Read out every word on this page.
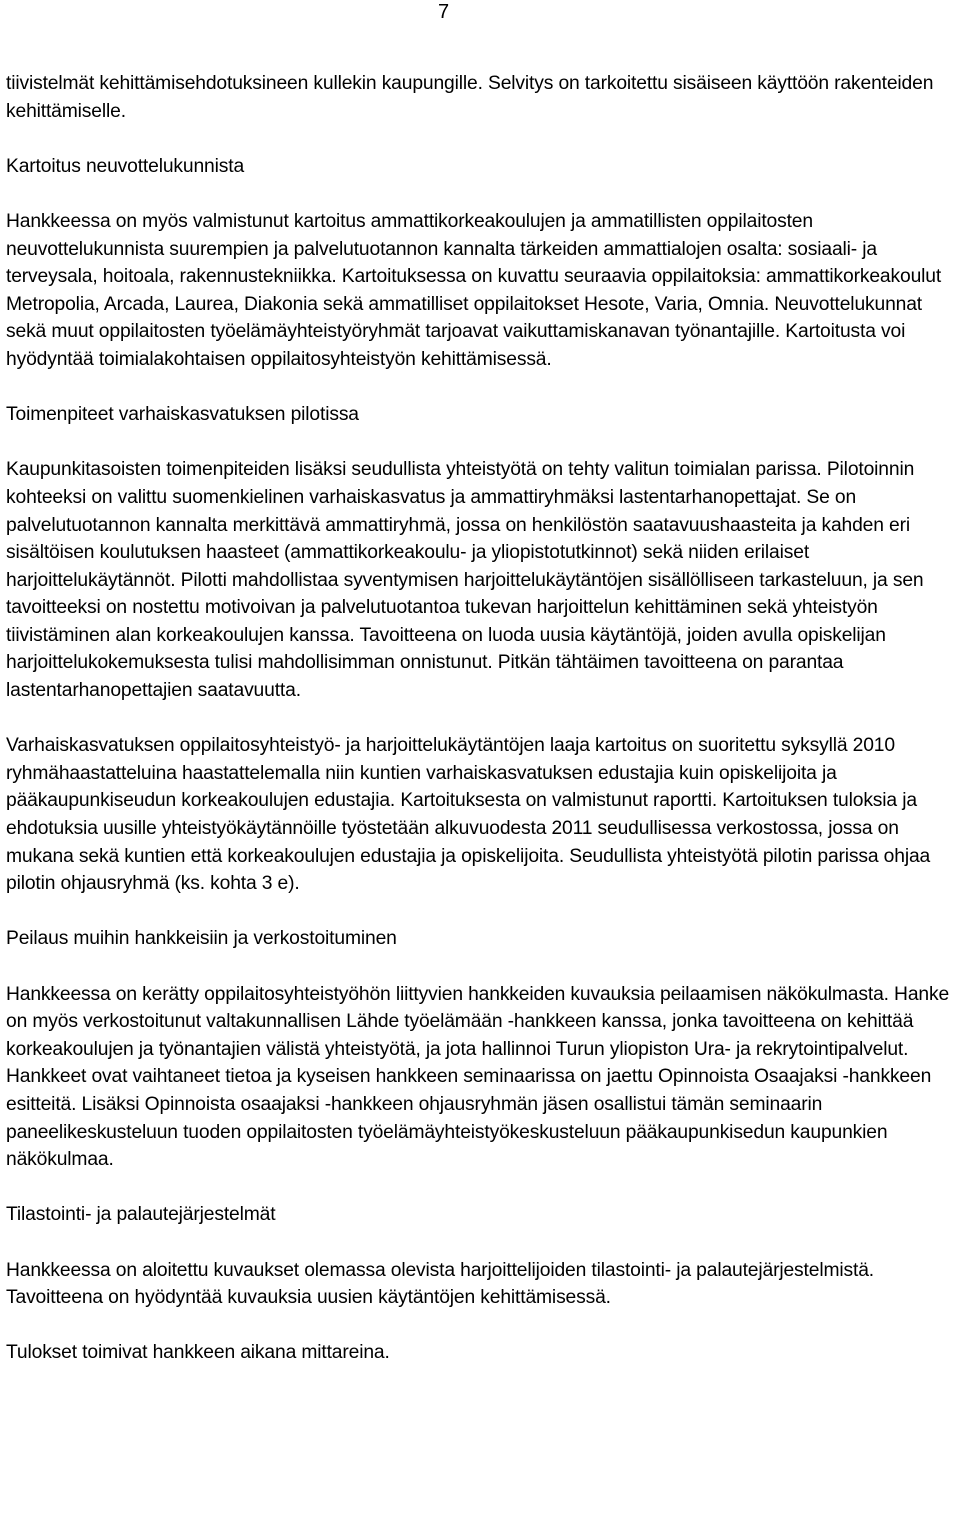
7

tiivistelmät kehittämisehdotuksineen kullekin kaupungille. Selvitys on tarkoitettu sisäiseen käyttöön rakenteiden kehittämiselle.

Kartoitus neuvottelukunnista

Hankkeessa on myös valmistunut kartoitus ammattikorkeakoulujen ja ammatillisten oppilaitosten neuvottelukunnista suurempien ja palvelutuotannon kannalta tärkeiden ammattialojen osalta: sosiaali- ja terveysala, hoitoala, rakennustekniikka. Kartoituksessa on kuvattu seuraavia oppilaitoksia: ammattikorkeakoulut Metropolia, Arcada, Laurea, Diakonia sekä ammatilliset oppilaitokset Hesote, Varia, Omnia. Neuvottelukunnat sekä muut oppilaitosten työelämäyhteistyöryhmät tarjoavat vaikuttamiskanavan työnantajille. Kartoitusta voi hyödyntää toimialakohtaisen oppilaitosyhteistyön kehittämisessä.

Toimenpiteet varhaiskasvatuksen pilotissa

Kaupunkitasoisten toimenpiteiden lisäksi seudullista yhteistyötä on tehty valitun toimialan parissa. Pilotoinnin kohteeksi on valittu suomenkielinen varhaiskasvatus ja ammattiryhmäksi lastentarhanopettajat. Se on palvelutuotannon kannalta merkittävä ammattiryhmä, jossa on henkilöstön saatavuushaasteita ja kahden eri sisältöisen koulutuksen haasteet (ammattikorkeakoulu- ja yliopistotutkinnot) sekä niiden erilaiset harjoittelukäytännöt. Pilotti mahdollistaa syventymisen harjoittelukäytäntöjen sisällölliseen tarkasteluun, ja sen tavoitteeksi on nostettu motivoivan ja palvelutuotantoa tukevan harjoittelun kehittäminen sekä yhteistyön tiivistäminen alan korkeakoulujen kanssa. Tavoitteena on luoda uusia käytäntöjä, joiden avulla opiskelijan harjoittelukokemuksesta tulisi mahdollisimman onnistunut. Pitkän tähtäimen tavoitteena on parantaa lastentarhanopettajien saatavuutta.

Varhaiskasvatuksen oppilaitosyhteistyö- ja harjoittelukäytäntöjen laaja kartoitus on suoritettu syksyllä 2010 ryhmähaastatteluina haastattelemalla niin kuntien varhaiskasvatuksen edustajia kuin opiskelijoita ja pääkaupunkiseudun korkeakoulujen edustajia. Kartoituksesta on valmistunut raportti. Kartoituksen tuloksia ja ehdotuksia uusille yhteistyökäytännöille työstetään alkuvuodesta 2011 seudullisessa verkostossa, jossa on mukana sekä kuntien että korkeakoulujen edustajia ja opiskelijoita. Seudullista yhteistyötä pilotin parissa ohjaa pilotin ohjausryhmä (ks. kohta 3 e).

Peilaus muihin hankkeisiin ja verkostoituminen

Hankkeessa on kerätty oppilaitosyhteistyöhön liittyvien hankkeiden kuvauksia peilaamisen näkökulmasta. Hanke on myös verkostoitunut valtakunnallisen Lähde työelämään -hankkeen kanssa, jonka tavoitteena on kehittää korkeakoulujen ja työnantajien välistä yhteistyötä, ja jota hallinnoi Turun yliopiston Ura- ja rekrytointipalvelut. Hankkeet ovat vaihtaneet tietoa ja kyseisen hankkeen seminaarissa on jaettu Opinnoista Osaajaksi -hankkeen esitteitä. Lisäksi Opinnoista osaajaksi -hankkeen ohjausryhmän jäsen osallistui tämän seminaarin paneelikeskusteluun tuoden oppilaitosten työelämäyhteistyökeskusteluun pääkaupunkisedun kaupunkien näkökulmaa.

Tilastointi- ja palautejärjestelmät

Hankkeessa on aloitettu kuvaukset olemassa olevista harjoittelijoiden tilastointi- ja palautejärjestelmistä. Tavoitteena on hyödyntää kuvauksia uusien käytäntöjen kehittämisessä.

Tulokset toimivat hankkeen aikana mittareina.
